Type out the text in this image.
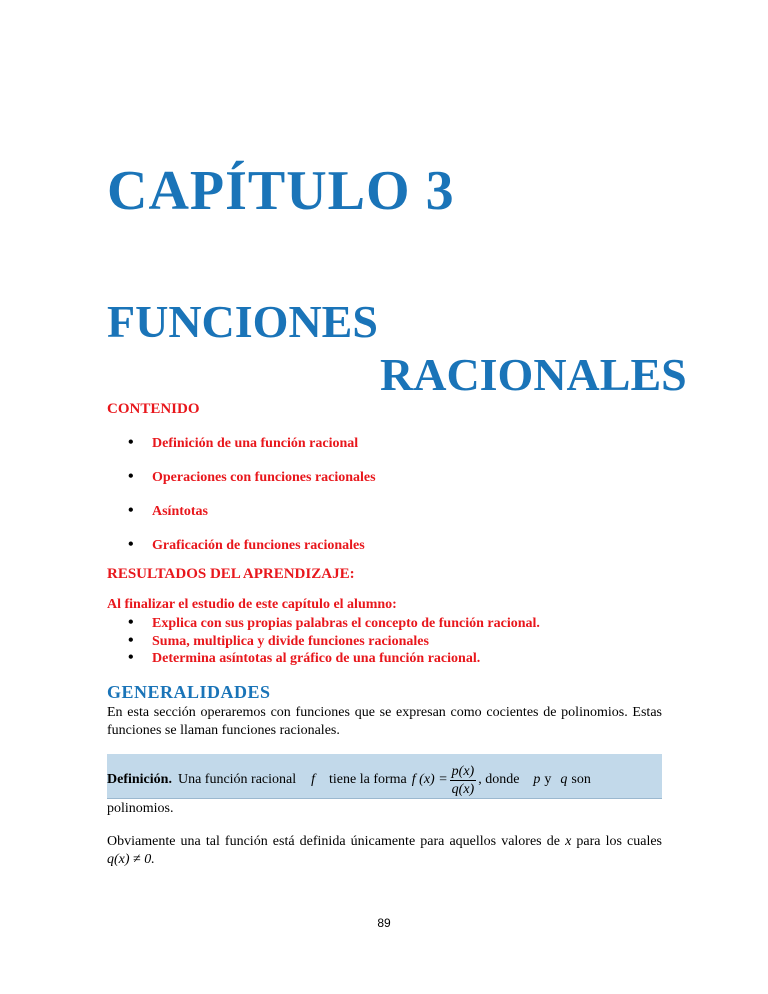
CAPÍTULO 3
FUNCIONES
RACIONALES
CONTENIDO
• Definición de una función racional
• Operaciones con funciones racionales
• Asíntotas
• Graficación de funciones racionales
RESULTADOS DEL APRENDIZAJE:

Al finalizar el estudio de este capítulo el alumno:

• Explica con sus propias palabras el concepto de función racional.
• Suma, multiplica y divide funciones racionales
• Determina asíntotas al gráfico de una función racional.
GENERALIDADES

En esta sección operaremos con funciones que se expresan como cocientes de polinomios. Estas funciones se llaman funciones racionales.

Definición. Una función racional f tiene la forma f $(x) = \frac{p(x)}{q(x)}$ , donde p y q son

polinomios.

Obviamente una tal función está definida únicamente para aquellos valores de x para los cuales q(x) ≠ 0.

89
